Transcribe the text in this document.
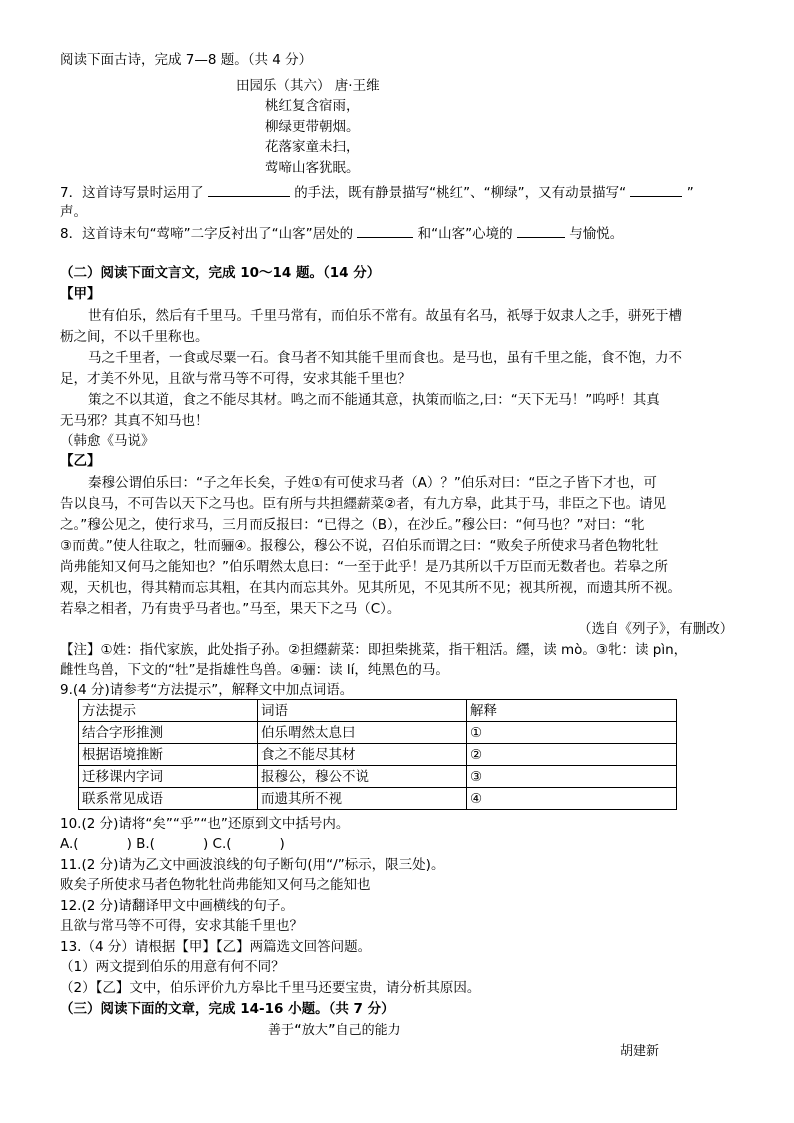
阅读下面古诗，完成 7—8 题。（共 4 分）
田园乐（其六） 唐·王维
桃红复含宿雨，
柳绿更带朝烟。
花落家童未扫，
莺啼山客犹眠。
7．这首诗写景时运用了	的手法，既有静景描写“桃红”、“柳绿”，又有动景描写“	”
声。
8．这首诗末句“莺啼”二字反衬出了“山客”居处的	和“山客”心境的	与愉悦。
（二）阅读下面文言文，完成 10～14 题。（14 分）
【甲】
世有伯乐，然后有千里马。千里马常有，而伯乐不常有。故虽有名马，祇辱于奴隶人之手，骈死于槽
枥之间，不以千里称也。
马之千里者，一食或尽粟一石。食马者不知其能千里而食也。是马也，虽有千里之能，食不饱，力不
足，才美不外见，且欲与常马等不可得，安求其能千里也？
策之不以其道，食之不能尽其材。鸣之而不能通其意，执策而临之,曰：“天下无马！”呜呼！其真
无马邪？其真不知马也！
（韩愈《马说》
【乙】
秦穆公谓伯乐曰：“子之年长矣，子姓①有可使求马者（A）？”伯乐对曰：“臣之子皆下才也，可
告以良马，不可告以天下之马也。臣有所与共担纆薪菜②者，有九方皋，此其于马，非臣之下也。请见
之。”穆公见之，使行求马，三月而反报曰：“已得之（B），在沙丘。”穆公曰：“何马也？”对曰：“牝
③而黄。”使人往取之，牡而骊④。报穆公，穆公不说，召伯乐而谓之曰：“败矣子所使求马者色物牝牡
尚弗能知又何马之能知也？”伯乐喟然太息曰：“一至于此乎！是乃其所以千万臣而无数者也。若皋之所
观，天机也，得其精而忘其粗，在其内而忘其外。见其所见，不见其所不见；视其所视，而遗其所不视。
若皋之相者，乃有贵乎马者也。”马至，果天下之马（C）。
（选自《列子》，有删改）
【注】①姓：指代家族，此处指子孙。②担纆薪菜：即担柴挑菜，指干粗活。纆，读 mò。③牝：读 pìn，
雌性鸟兽，下文的“牡”是指雄性鸟兽。④骊：读 lí，纯黑色的马。
9.(4 分)请参考“方法提示”，解释文中加点词语。
方法提示	词语	解释
结合字形推测	伯乐喟然太息曰	①
根据语境推断	食之不能尽其材	②
迁移课内字词	报穆公，穆公不说	③
联系常见成语	而遗其所不视	④
10.(2 分)请将“矣”“乎”“也”还原到文中括号内。
A.(	) B.(	) C.(	)
11.(2 分)请为乙文中画波浪线的句子断句(用“/”标示，限三处)。
败矣子所使求马者色物牝牡尚弗能知又何马之能知也
12.(2 分)请翻译甲文中画横线的句子。
且欲与常马等不可得，安求其能千里也？
13.（4 分）请根据【甲】【乙】两篇选文回答问题。
（1）两文提到伯乐的用意有何不同？
（2）【乙】文中，伯乐评价九方皋比千里马还要宝贵，请分析其原因。
（三）阅读下面的文章，完成 14-16 小题。（共 7 分）
善于“放大”自己的能力
胡建新
